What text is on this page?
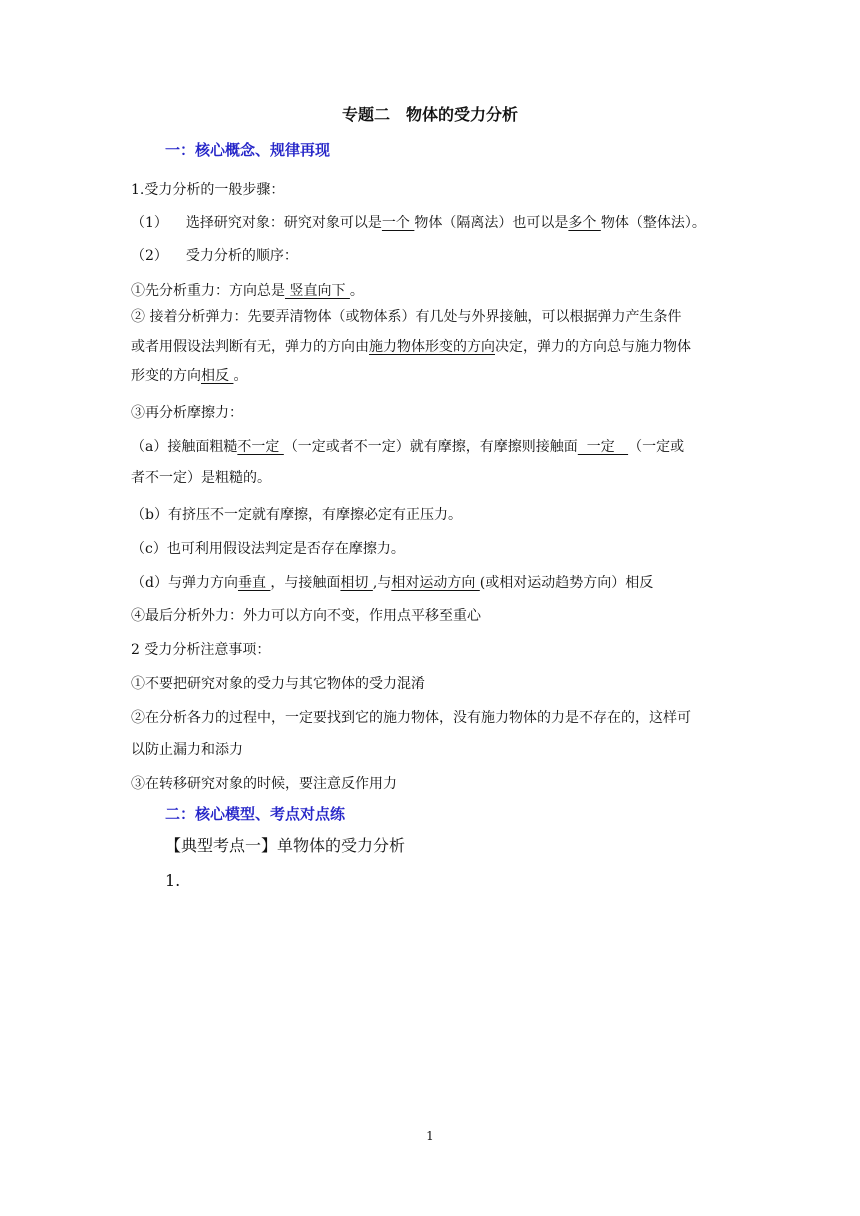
专题二　物体的受力分析
一：核心概念、规律再现
1.受力分析的一般步骤：
（1） 选择研究对象：研究对象可以是一个 物体（隔离法）也可以是多个 物体（整体法）。
（2） 受力分析的顺序：
①先分析重力：方向总是 竖直向下 。
② 接着分析弹力：先要弄清物体（或物体系）有几处与外界接触，可以根据弹力产生条件
或者用假设法判断有无，弹力的方向由施力物体形变的方向决定，弹力的方向总与施力物体
形变的方向相反 。
③再分析摩擦力：
（a）接触面粗糙不一定 （一定或者不一定）就有摩擦，有摩擦则接触面  一定   （一定或
者不一定）是粗糙的。
（b）有挤压不一定就有摩擦，有摩擦必定有正压力。
（c）也可利用假设法判定是否存在摩擦力。
（d）与弹力方向垂直 ，与接触面相切 ,与相对运动方向 (或相对运动趋势方向）相反
④最后分析外力：外力可以方向不变，作用点平移至重心
2 受力分析注意事项：
①不要把研究对象的受力与其它物体的受力混淆
②在分析各力的过程中，一定要找到它的施力物体，没有施力物体的力是不存在的，这样可
以防止漏力和添力
③在转移研究对象的时候，要注意反作用力
二：核心模型、考点对点练
【典型考点一】单物体的受力分析
1.
1
